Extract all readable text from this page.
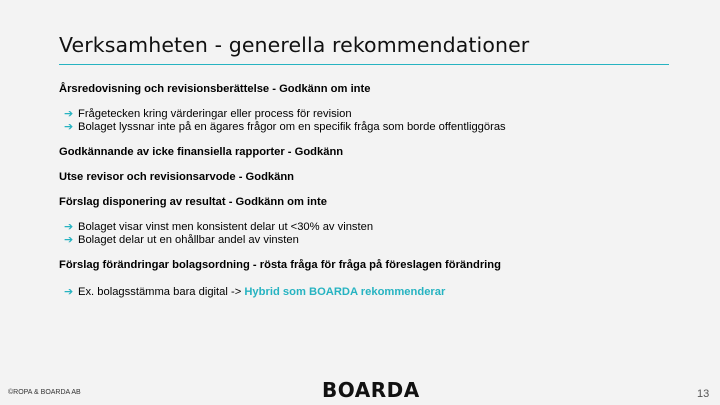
Verksamheten - generella rekommendationer

Årsredovisning och revisionsberättelse - Godkänn om inte

➔ Frågetecken kring värderingar eller process för revision
➔ Bolaget lyssnar inte på en ägares frågor om en specifik fråga som borde offentliggöras

Godkännande av icke finansiella rapporter - Godkänn

Utse revisor och revisionsarvode - Godkänn

Förslag disponering av resultat - Godkänn om inte

➔ Bolaget visar vinst men konsistent delar ut <30% av vinsten
➔ Bolaget delar ut en ohållbar andel av vinsten

Förslag förändringar bolagsordning - rösta fråga för fråga på föreslagen förändring

➔ Ex. bolagsstämma bara digital -> Hybrid som BOARDA rekommenderar
©ROPA & BOARDA AB	BOARDA	13
